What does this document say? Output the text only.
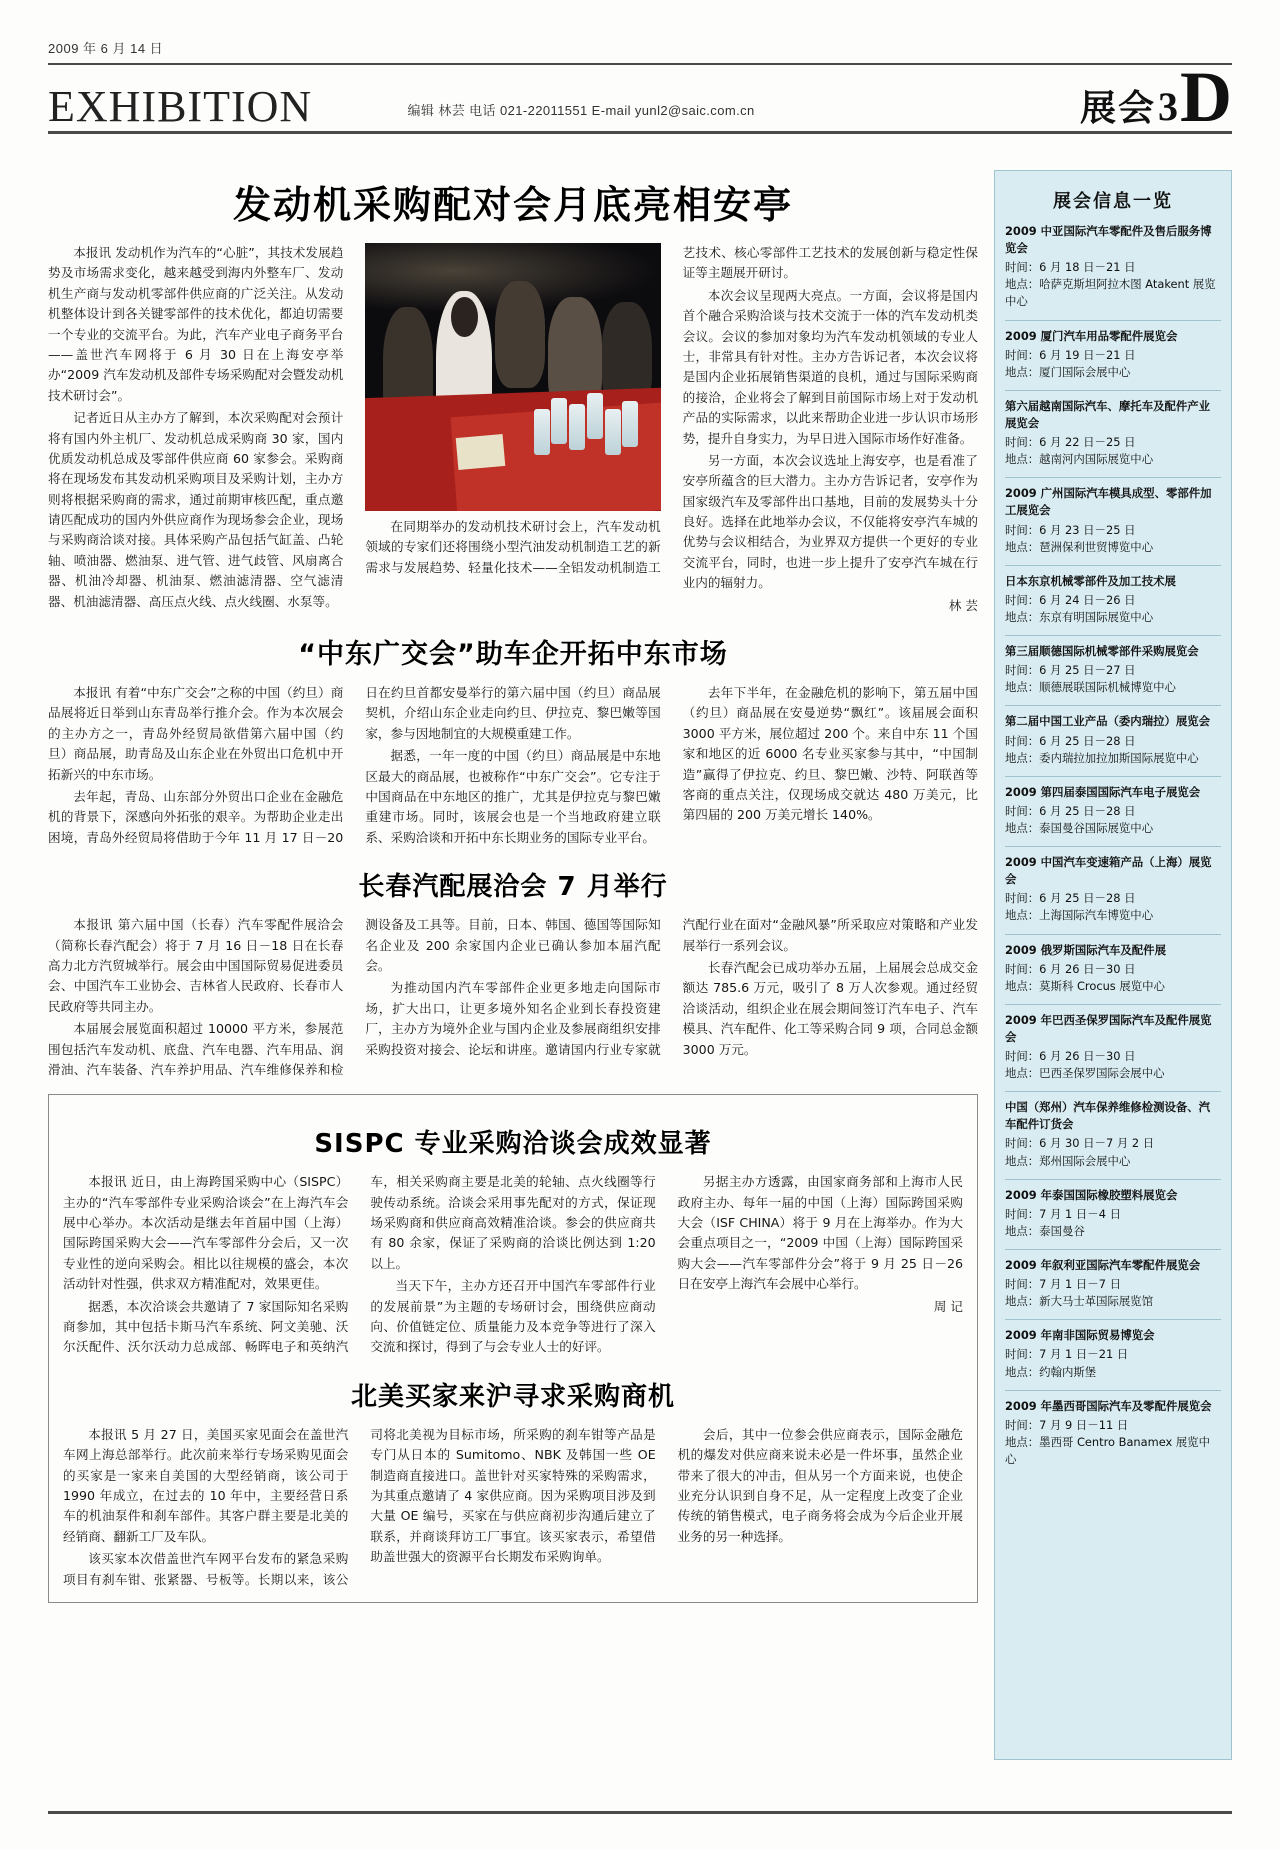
2009 年 6 月 14 日
EXHIBITION	编辑 林芸 电话 021-22011551 E-mail yunl2@saic.com.cn	展会 3 D
发动机采购配对会月底亮相安亭

本报讯 发动机作为汽车的“心脏”，其技术发展趋势及市场需求变化，越来越受到海内外整车厂、发动机生产商与发动机零部件供应商的广泛关注。从发动机整体设计到各关键零部件的技术优化，都迫切需要一个专业的交流平台。为此，汽车产业电子商务平台——盖世汽车网将于 6 月 30 日在上海安亭举办“2009 汽车发动机及部件专场采购配对会暨发动机技术研讨会”。

记者近日从主办方了解到，本次采购配对会预计将有国内外主机厂、发动机总成采购商 30 家，国内优质发动机总成及零部件供应商 60 家参会。采购商将在现场发布其发动机采购项目及采购计划，主办方则将根据采购商的需求，通过前期审核匹配，重点邀请匹配成功的国内外供应商作为现场参会企业，现场与采购商洽谈对接。具体采购产品包括气缸盖、凸轮轴、喷油器、燃油泵、进气管、进气歧管、风扇离合器、机油冷却器、机油泵、燃油滤清器、空气滤清器、机油滤清器、高压点火线、点火线圈、水泵等。

在同期举办的发动机技术研讨会上，汽车发动机领域的专家们还将围绕小型汽油发动机制造工艺的新需求与发展趋势、轻量化技术——全铝发动机制造工艺技术、核心零部件工艺技术的发展创新与稳定性保证等主题展开研讨。

本次会议呈现两大亮点。一方面，会议将是国内首个融合采购洽谈与技术交流于一体的汽车发动机类会议。会议的参加对象均为汽车发动机领域的专业人士，非常具有针对性。主办方告诉记者，本次会议将是国内企业拓展销售渠道的良机，通过与国际采购商的接洽，企业将会了解到目前国际市场上对于发动机产品的实际需求，以此来帮助企业进一步认识市场形势，提升自身实力，为早日进入国际市场作好准备。

另一方面，本次会议选址上海安亭，也是看准了安亭所蕴含的巨大潜力。主办方告诉记者，安亭作为国家级汽车及零部件出口基地，目前的发展势头十分良好。选择在此地举办会议，不仅能将安亭汽车城的优势与会议相结合，为业界双方提供一个更好的专业交流平台，同时，也进一步上提升了安亭汽车城在行业内的辐射力。

林 芸

“中东广交会”助车企开拓中东市场

本报讯 有着“中东广交会”之称的中国（约旦）商品展将近日举到山东青岛举行推介会。作为本次展会的主办方之一，青岛外经贸局欲借第六届中国（约旦）商品展，助青岛及山东企业在外贸出口危机中开拓新兴的中东市场。

去年起，青岛、山东部分外贸出口企业在金融危机的背景下，深感向外拓张的艰辛。为帮助企业走出困境，青岛外经贸局将借助于今年 11 月 17 日－20 日在约旦首都安曼举行的第六届中国（约旦）商品展契机，介绍山东企业走向约旦、伊拉克、黎巴嫩等国家，参与因地制宜的大规模重建工作。

据悉，一年一度的中国（约旦）商品展是中东地区最大的商品展，也被称作“中东广交会”。它专注于中国商品在中东地区的推广，尤其是伊拉克与黎巴嫩重建市场。同时，该展会也是一个当地政府建立联系、采购洽谈和开拓中东长期业务的国际专业平台。

去年下半年，在金融危机的影响下，第五届中国（约旦）商品展在安曼逆势“飘红”。该届展会面积 3000 平方米，展位超过 200 个。来自中东 11 个国家和地区的近 6000 名专业买家参与其中，“中国制造”赢得了伊拉克、约旦、黎巴嫩、沙特、阿联酋等客商的重点关注，仅现场成交就达 480 万美元，比第四届的 200 万美元增长 140%。

长春汽配展洽会 7 月举行

本报讯 第六届中国（长春）汽车零配件展洽会（简称长春汽配会）将于 7 月 16 日－18 日在长春高力北方汽贸城举行。展会由中国国际贸易促进委员会、中国汽车工业协会、吉林省人民政府、长春市人民政府等共同主办。

本届展会展览面积超过 10000 平方米，参展范围包括汽车发动机、底盘、汽车电器、汽车用品、润滑油、汽车装备、汽车养护用品、汽车维修保养和检测设备及工具等。目前，日本、韩国、德国等国际知名企业及 200 余家国内企业已确认参加本届汽配会。

为推动国内汽车零部件企业更多地走向国际市场，扩大出口，让更多境外知名企业到长春投资建厂，主办方为境外企业与国内企业及参展商组织安排采购投资对接会、论坛和讲座。邀请国内行业专家就汽配行业在面对“金融风暴”所采取应对策略和产业发展举行一系列会议。

长春汽配会已成功举办五届，上届展会总成交金额达 785.6 万元，吸引了 8 万人次参观。通过经贸洽谈活动，组织企业在展会期间签订汽车电子、汽车模具、汽车配件、化工等采购合同 9 项，合同总金额 3000 万元。

SISPC 专业采购洽谈会成效显著

本报讯 近日，由上海跨国采购中心（SISPC）主办的“汽车零部件专业采购洽谈会”在上海汽车会展中心举办。本次活动是继去年首届中国（上海）国际跨国采购大会——汽车零部件分会后，又一次专业性的逆向采购会。相比以往规模的盛会，本次活动针对性强，供求双方精准配对，效果更佳。

据悉，本次洽谈会共邀请了 7 家国际知名采购商参加，其中包括卡斯马汽车系统、阿文美驰、沃尔沃配件、沃尔沃动力总成部、畅晖电子和英纳汽车，相关采购商主要是北美的轮轴、点火线圈等行驶传动系统。洽谈会采用事先配对的方式，保证现场采购商和供应商高效精准洽谈。参会的供应商共有 80 余家，保证了采购商的洽谈比例达到 1:20 以上。

当天下午，主办方还召开中国汽车零部件行业的发展前景”为主题的专场研讨会，围绕供应商动向、价值链定位、质量能力及本竞争等进行了深入交流和探讨，得到了与会专业人士的好评。

另据主办方透露，由国家商务部和上海市人民政府主办、每年一届的中国（上海）国际跨国采购大会（ISF CHINA）将于 9 月在上海举办。作为大会重点项目之一，“2009 中国（上海）国际跨国采购大会——汽车零部件分会”将于 9 月 25 日－26 日在安亭上海汽车会展中心举行。

周 记

北美买家来沪寻求采购商机

本报讯 5 月 27 日，美国买家见面会在盖世汽车网上海总部举行。此次前来举行专场采购见面会的买家是一家来自美国的大型经销商，该公司于 1990 年成立，在过去的 10 年中，主要经营日系车的机油泵件和刹车部件。其客户群主要是北美的经销商、翻新工厂及车队。

该买家本次借盖世汽车网平台发布的紧急采购项目有刹车钳、张紧器、号板等。长期以来，该公司将北美视为目标市场，所采购的刹车钳等产品是专门从日本的 Sumitomo、NBK 及韩国一些 OE 制造商直接进口。盖世针对买家特殊的采购需求，为其重点邀请了 4 家供应商。因为采购项目涉及到大量 OE 编号，买家在与供应商初步沟通后建立了联系，并商谈拜访工厂事宜。该买家表示，希望借助盖世强大的资源平台长期发布采购询单。

会后，其中一位参会供应商表示，国际金融危机的爆发对供应商来说未必是一件坏事，虽然企业带来了很大的冲击，但从另一个方面来说，也使企业充分认识到自身不足，从一定程度上改变了企业传统的销售模式，电子商务将会成为今后企业开展业务的另一种选择。

展会信息一览
2009 中亚国际汽车零配件及售后服务博览会
时间：6 月 18 日－21 日
地点：哈萨克斯坦阿拉木图 Atakent 展览中心
2009 厦门汽车用品零配件展览会
时间：6 月 19 日－21 日
地点：厦门国际会展中心
第六届越南国际汽车、摩托车及配件产业展览会
时间：6 月 22 日－25 日
地点：越南河内国际展览中心
2009 广州国际汽车模具成型、零部件加工展览会
时间：6 月 23 日－25 日
地点：琶洲保利世贸博览中心
日本东京机械零部件及加工技术展
时间：6 月 24 日－26 日
地点：东京有明国际展览中心
第三届顺德国际机械零部件采购展览会
时间：6 月 25 日－27 日
地点：顺德展联国际机械博览中心
第二届中国工业产品（委内瑞拉）展览会
时间：6 月 25 日－28 日
地点：委内瑞拉加拉加斯国际展览中心
2009 第四届泰国国际汽车电子展览会
时间：6 月 25 日－28 日
地点：泰国曼谷国际展览中心
2009 中国汽车变速箱产品（上海）展览会
时间：6 月 25 日－28 日
地点：上海国际汽车博览中心
2009 俄罗斯国际汽车及配件展
时间：6 月 26 日－30 日
地点：莫斯科 Crocus 展览中心
2009 年巴西圣保罗国际汽车及配件展览会
时间：6 月 26 日－30 日
地点：巴西圣保罗国际会展中心
中国（郑州）汽车保养维修检测设备、汽车配件订货会
时间：6 月 30 日－7 月 2 日
地点：郑州国际会展中心
2009 年泰国国际橡胶塑料展览会
时间：7 月 1 日－4 日
地点：泰国曼谷
2009 年叙利亚国际汽车零配件展览会
时间：7 月 1 日－7 日
地点：新大马士革国际展览馆
2009 年南非国际贸易博览会
时间：7 月 1 日－21 日
地点：约翰内斯堡
2009 年墨西哥国际汽车及零配件展览会
时间：7 月 9 日－11 日
地点：墨西哥 Centro Banamex 展览中心
